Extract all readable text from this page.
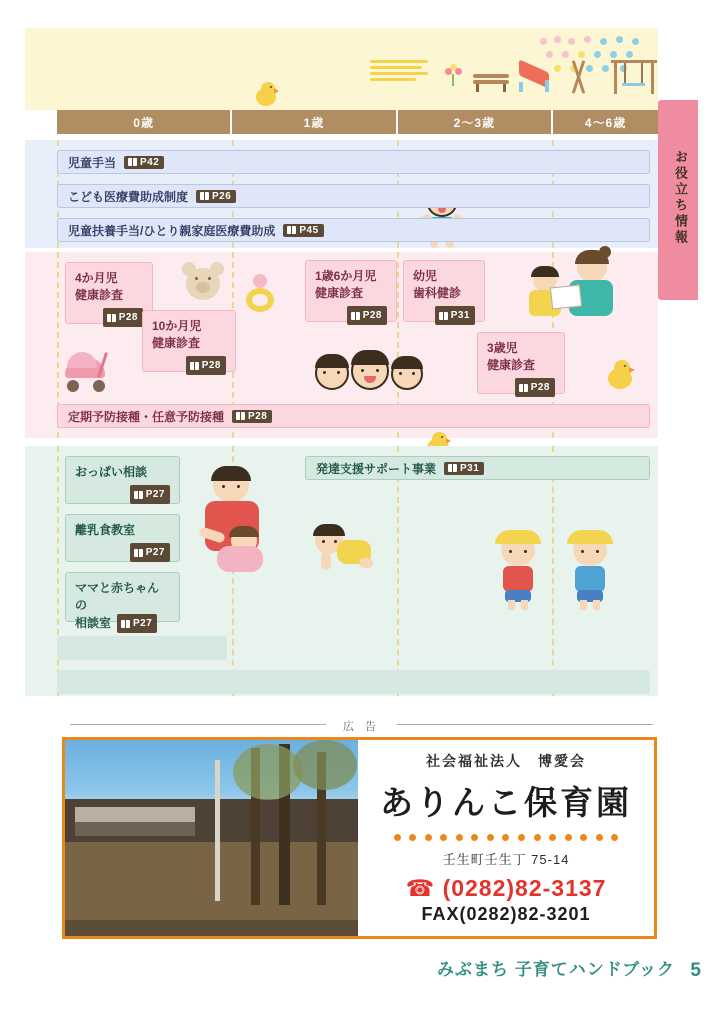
0歳	1歳	2〜3歳	4〜6歳
お役立ち情報
児童手当 P42
こども医療費助成制度 P26
児童扶養手当/ひとり親家庭医療費助成 P45
4か月児
健康診査
P28
10か月児
健康診査
P28
1歳6か月児
健康診査
P28
幼児
歯科健診
P31
3歳児
健康診査
P28
定期予防接種・任意予防接種 P28
発達支援サポート事業 P31
おっぱい相談
P27
離乳食教室
P27
ママと赤ちゃんの
相談室 P27
広 告
社会福祉法人　博愛会
ありんこ保育園
壬生町壬生丁 75-14
☎ (0282)82-3137
FAX(0282)82-3201
みぶまち 子育てハンドブック 5
